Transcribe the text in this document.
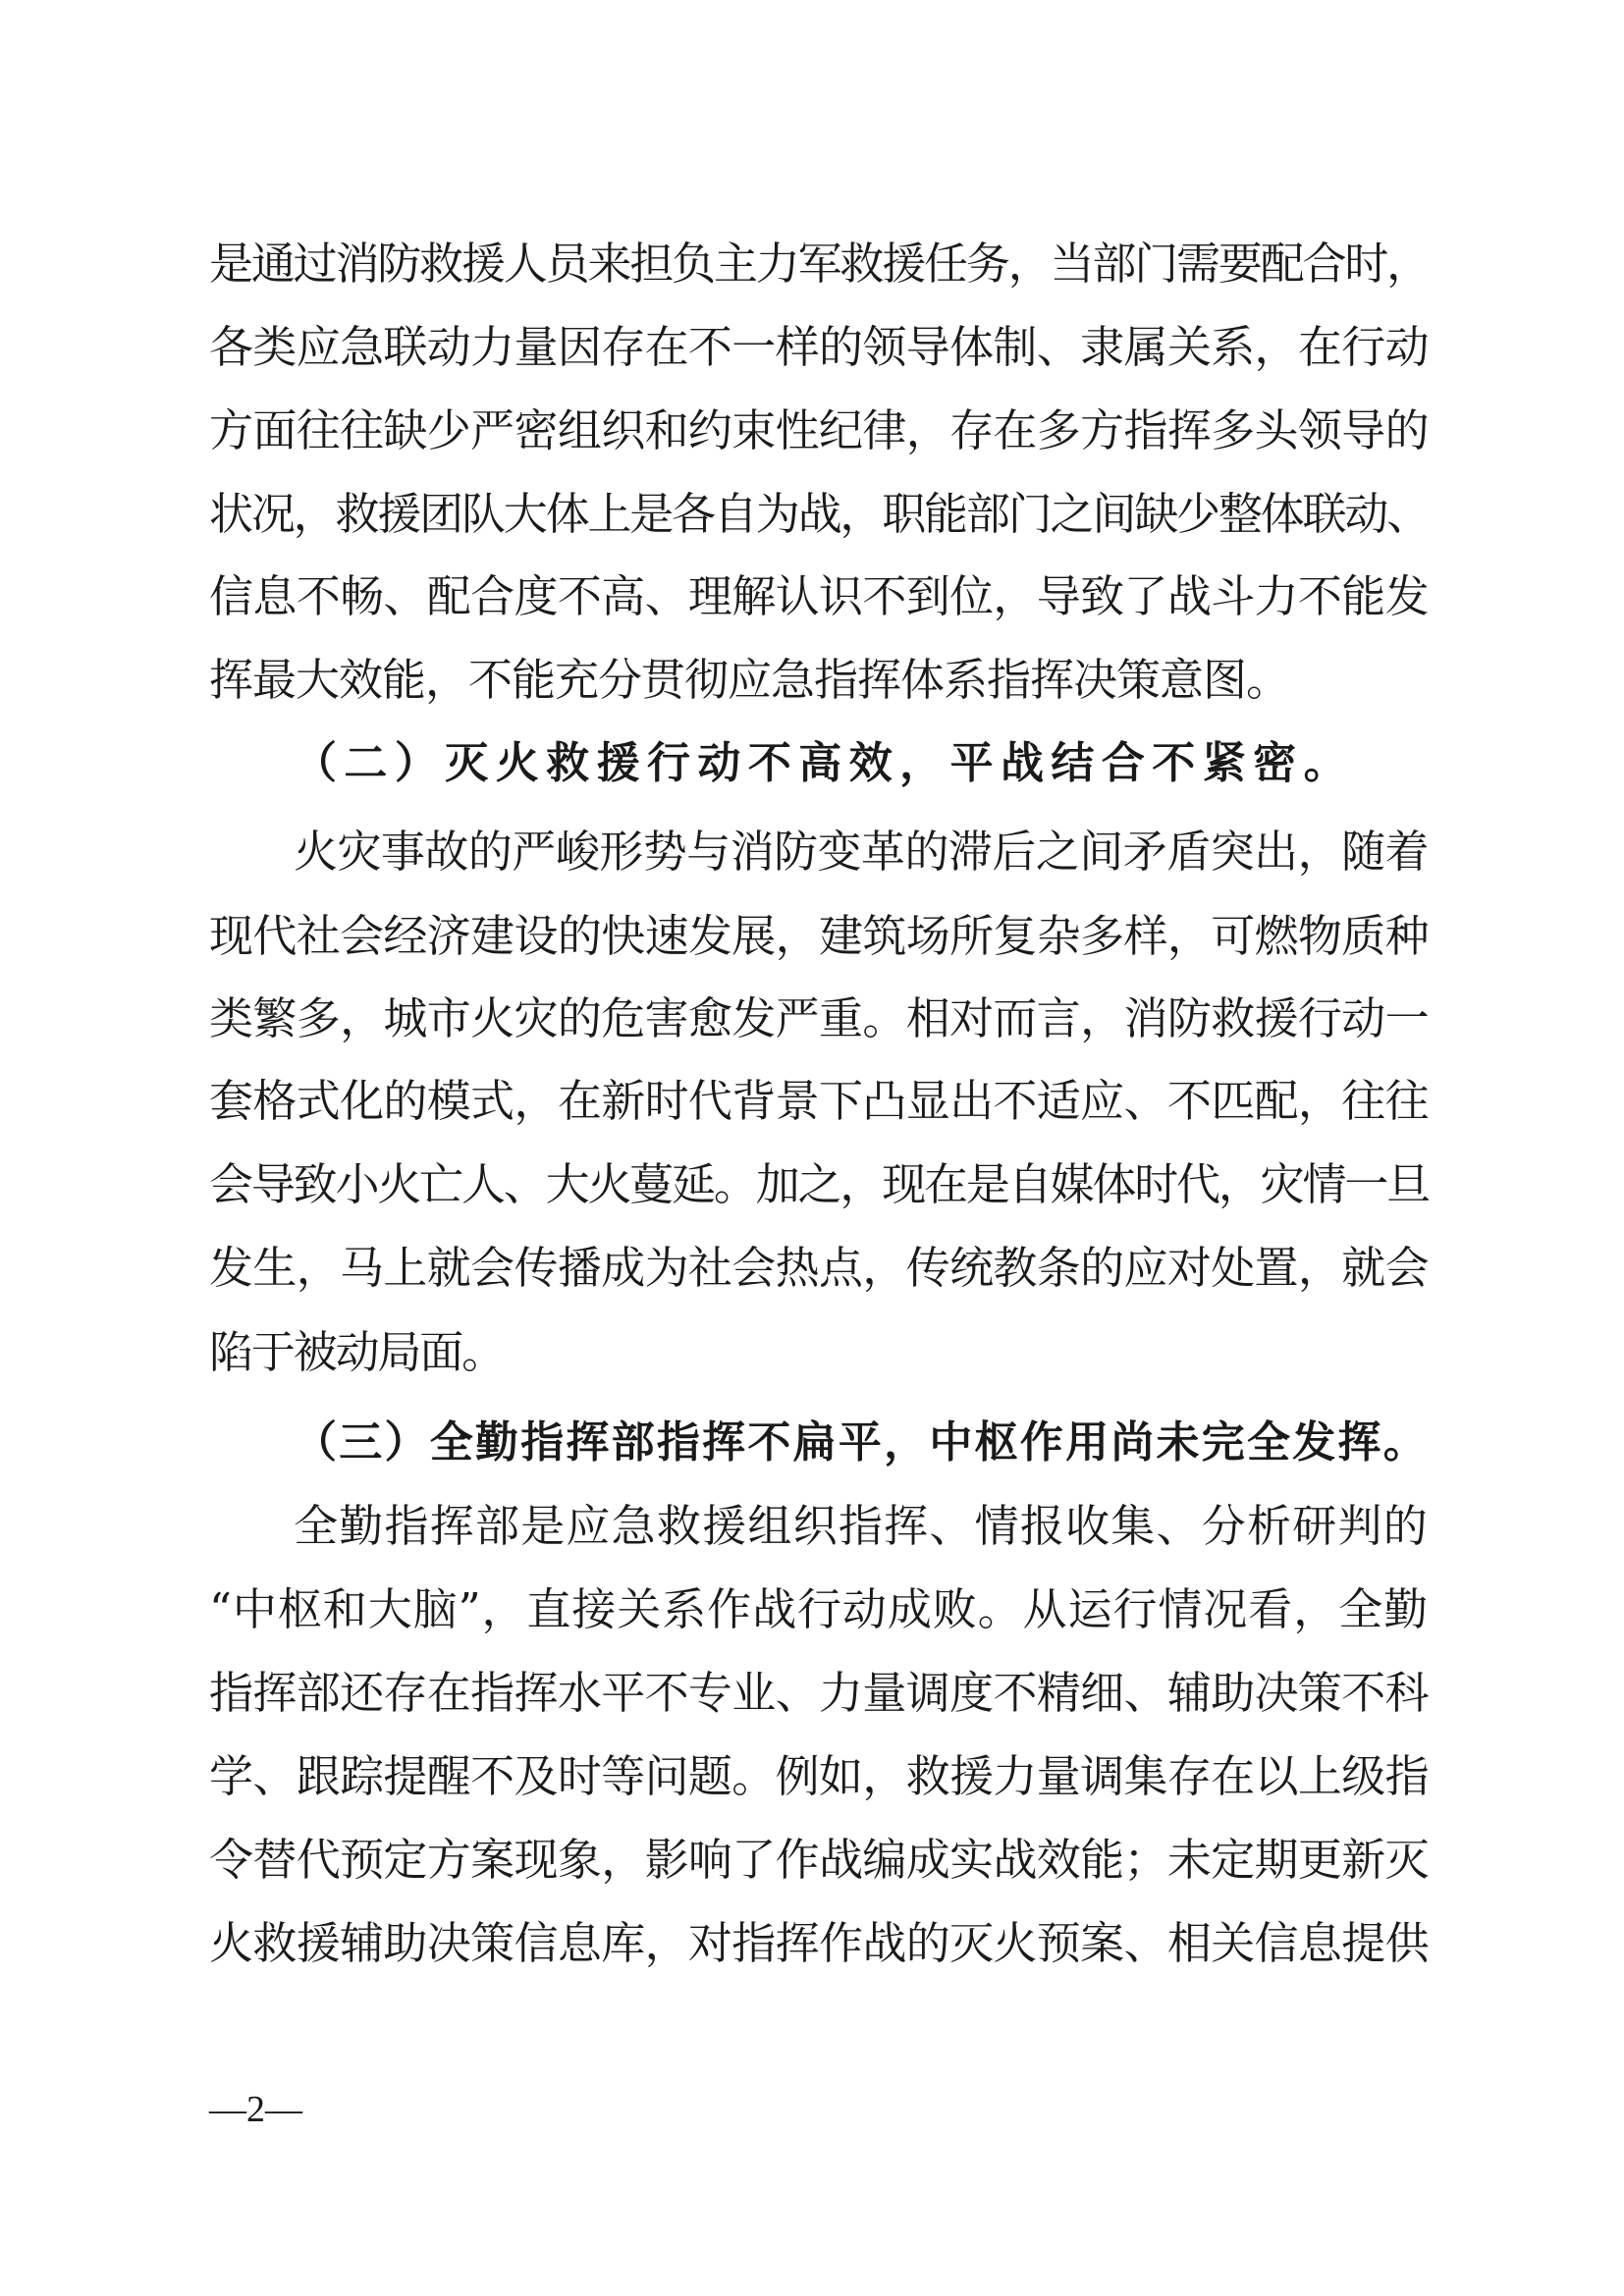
是通过消防救援人员来担负主力军救援任务，当部门需要配合时，
各类应急联动力量因存在不一样的领导体制、隶属关系，在行动
方面往往缺少严密组织和约束性纪律，存在多方指挥多头领导的
状况，救援团队大体上是各自为战，职能部门之间缺少整体联动、
信息不畅、配合度不高、理解认识不到位，导致了战斗力不能发
挥最大效能，不能充分贯彻应急指挥体系指挥决策意图。
（二）灭火救援行动不高效，平战结合不紧密。
火灾事故的严峻形势与消防变革的滞后之间矛盾突出，随着
现代社会经济建设的快速发展，建筑场所复杂多样，可燃物质种
类繁多，城市火灾的危害愈发严重。相对而言，消防救援行动一
套格式化的模式，在新时代背景下凸显出不适应、不匹配，往往
会导致小火亡人、大火蔓延。加之，现在是自媒体时代，灾情一旦
发生，马上就会传播成为社会热点，传统教条的应对处置，就会
陷于被动局面。
（三）全勤指挥部指挥不扁平，中枢作用尚未完全发挥。
全勤指挥部是应急救援组织指挥、情报收集、分析研判的
“中枢和大脑”，直接关系作战行动成败。从运行情况看，全勤
指挥部还存在指挥水平不专业、力量调度不精细、辅助决策不科
学、跟踪提醒不及时等问题。例如，救援力量调集存在以上级指
令替代预定方案现象，影响了作战编成实战效能；未定期更新灭
火救援辅助决策信息库，对指挥作战的灭火预案、相关信息提供
—2—
